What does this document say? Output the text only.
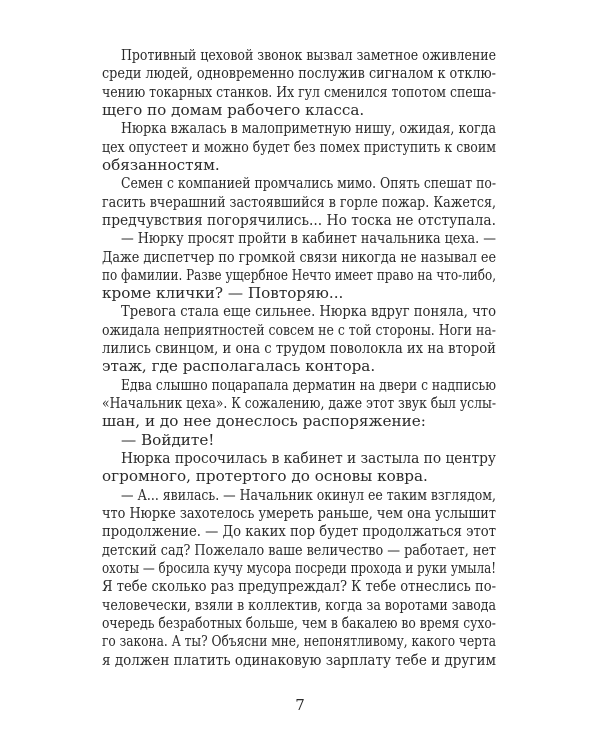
Противный цеховой звонок вызвал заметное оживление
среди людей, одновременно послужив сигналом к отклю-
чению токарных станков. Их гул сменился топотом спеша-
щего по домам рабочего класса.
Нюрка вжалась в малоприметную нишу, ожидая, когда
цех опустеет и можно будет без помех приступить к своим
обязанностям.
Семен с компанией промчались мимо. Опять спешат по-
гасить вчерашний застоявшийся в горле пожар. Кажется,
предчувствия погорячились... Но тоска не отступала.
— Нюрку просят пройти в кабинет начальника цеха. —
Даже диспетчер по громкой связи никогда не называл ее
по фамилии. Разве ущербное Нечто имеет право на что-либо,
кроме клички? — Повторяю...
Тревога стала еще сильнее. Нюрка вдруг поняла, что
ожидала неприятностей совсем не с той стороны. Ноги на-
лились свинцом, и она с трудом поволокла их на второй
этаж, где располагалась контора.
Едва слышно поцарапала дерматин на двери с надписью
«Начальник цеха». К сожалению, даже этот звук был услы-
шан, и до нее донеслось распоряжение:
— Войдите!
Нюрка просочилась в кабинет и застыла по центру
огромного, протертого до основы ковра.
— А... явилась. — Начальник окинул ее таким взглядом,
что Нюрке захотелось умереть раньше, чем она услышит
продолжение. — До каких пор будет продолжаться этот
детский сад? Пожелало ваше величество — работает, нет
охоты — бросила кучу мусора посреди прохода и руки умыла!
Я тебе сколько раз предупреждал? К тебе отнеслись по-
человечески, взяли в коллектив, когда за воротами завода
очередь безработных больше, чем в бакалею во время сухо-
го закона. А ты? Объясни мне, непонятливому, какого черта
я должен платить одинаковую зарплату тебе и другим
7
